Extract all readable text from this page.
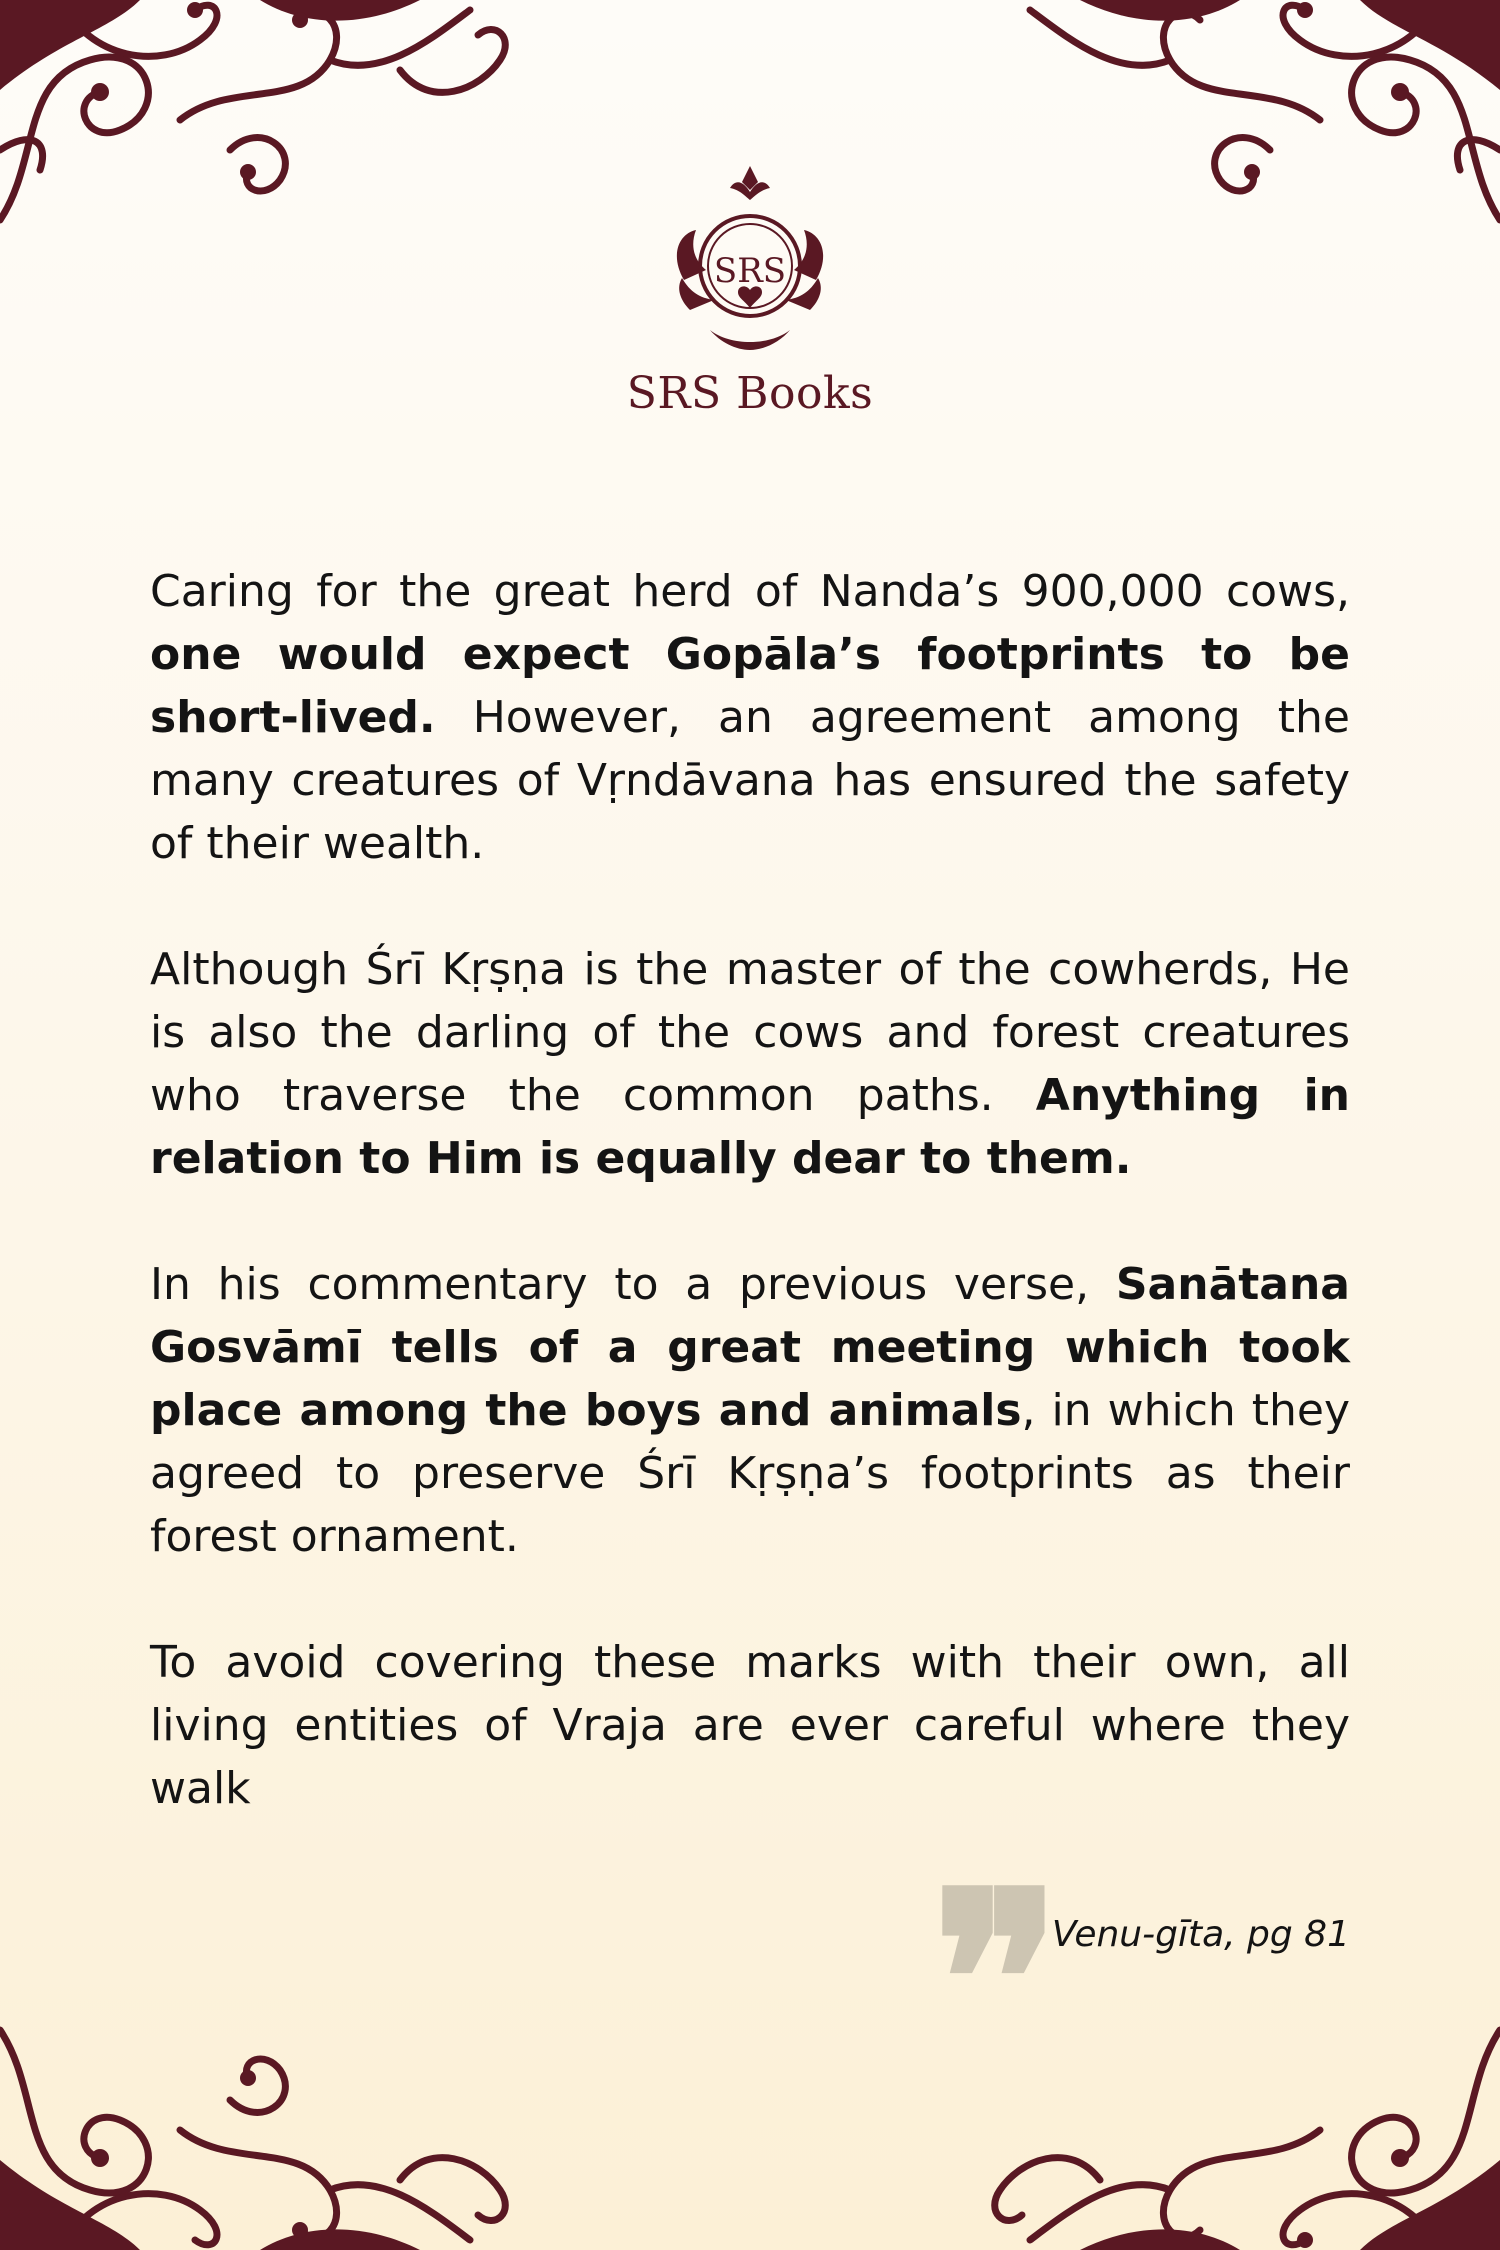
SRS
SRS Books

Caring for the great herd of Nanda’s 900,000 cows, one would expect Gopāla’s footprints to be short-lived. However, an agreement among the many creatures of Vṛndāvana has ensured the safety of their wealth.

Although Śrī Kṛṣṇa is the master of the cowherds, He is also the darling of the cows and forest creatures who traverse the common paths. Anything in relation to Him is equally dear to them.

In his commentary to a previous verse, Sanātana Gosvāmī tells of a great meeting which took place among the boys and animals, in which they agreed to preserve Śrī Kṛṣṇa’s footprints as their forest ornament.

To avoid covering these marks with their own, all living entities of Vraja are ever careful where they walk

❞
Venu-gīta, pg 81
